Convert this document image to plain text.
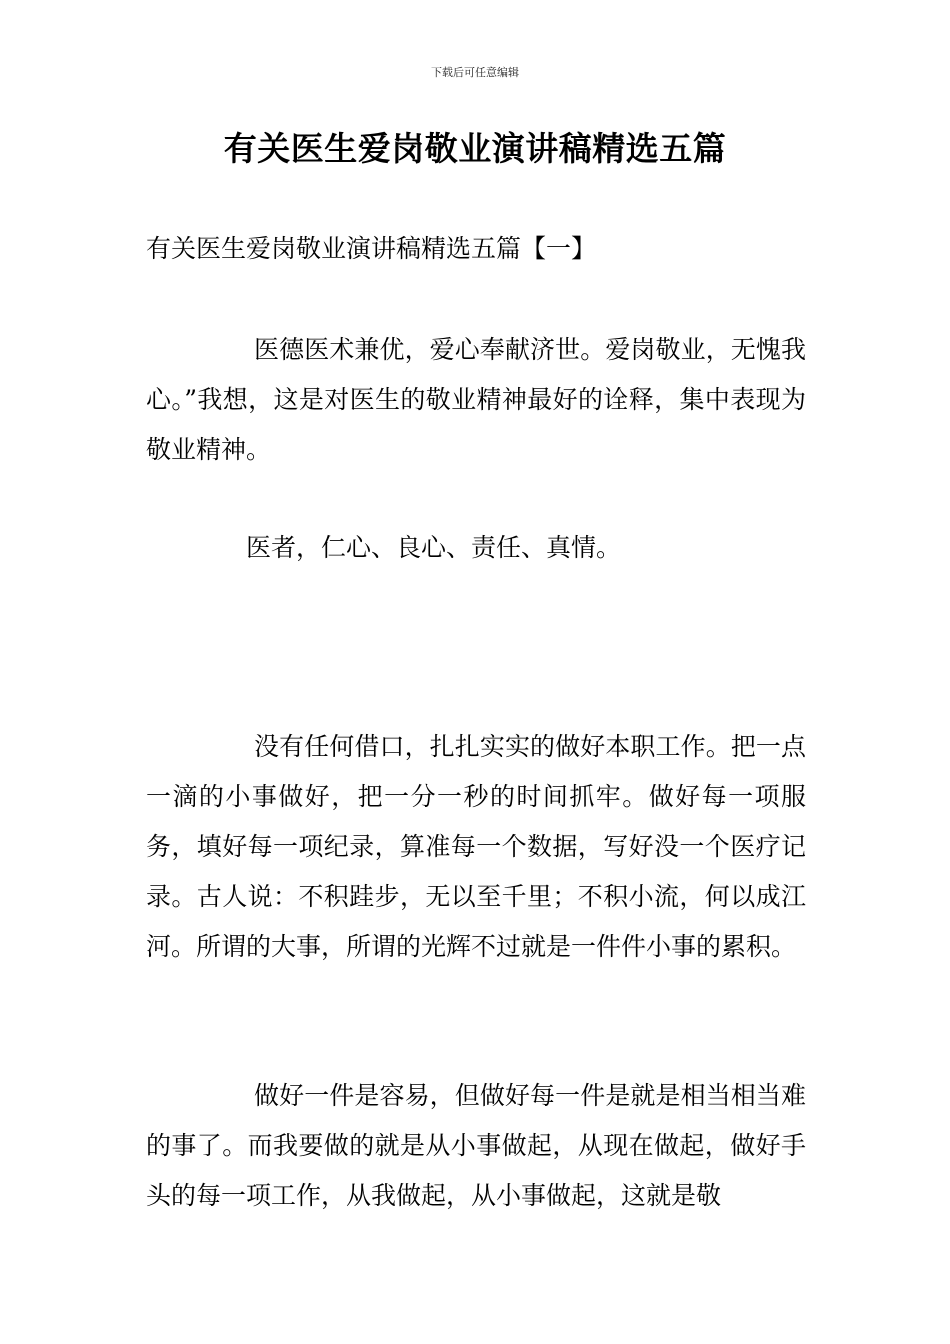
下载后可任意编辑
有关医生爱岗敬业演讲稿精选五篇
有关医生爱岗敬业演讲稿精选五篇【一】

医德医术兼优，爱心奉献济世。爱岗敬业，无愧我心。”我想，这是对医生的敬业精神最好的诠释，集中表现为敬业精神。

医者，仁心、良心、责任、真情。

没有任何借口，扎扎实实的做好本职工作。把一点一滴的小事做好，把一分一秒的时间抓牢。做好每一项服务，填好每一项纪录，算准每一个数据，写好没一个医疗记录。古人说：不积跬步，无以至千里；不积小流，何以成江河。所谓的大事，所谓的光辉不过就是一件件小事的累积。

做好一件是容易，但做好每一件是就是相当相当难的事了。而我要做的就是从小事做起，从现在做起，做好手头的每一项工作，从我做起，从小事做起，这就是敬
